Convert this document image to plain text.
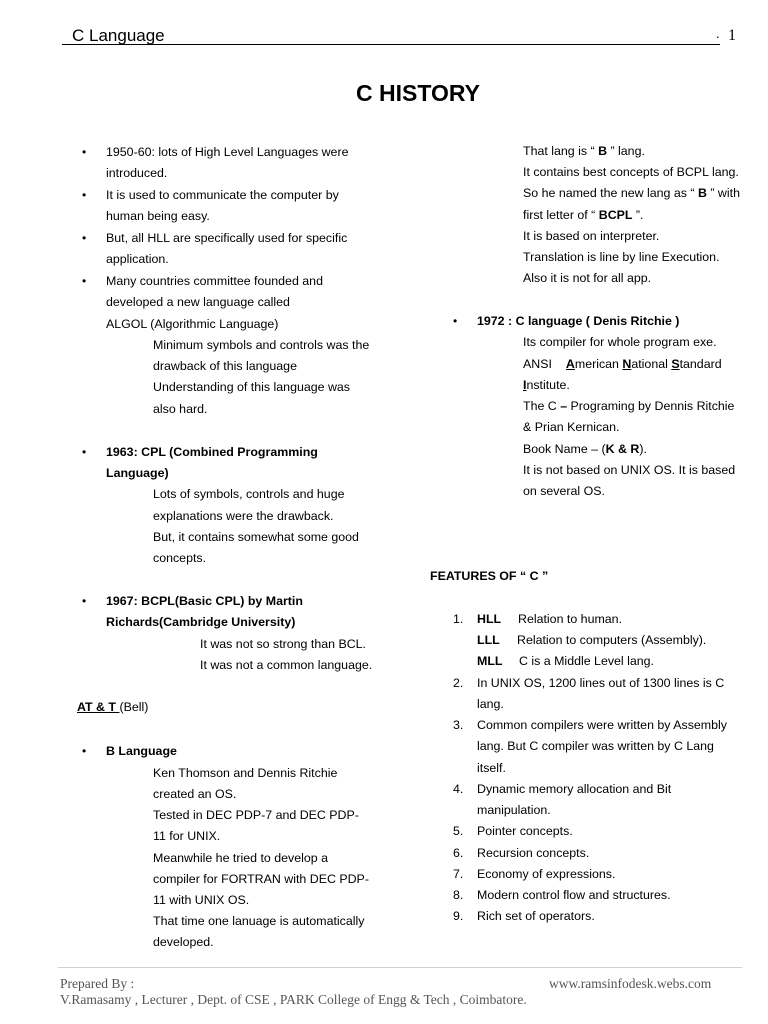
C Language	. 1
C HISTORY
• 1950-60: lots of High Level Languages were
introduced.
• It is used to communicate the computer by
human being easy.
• But, all HLL are specifically used for specific
application.
• Many countries committee founded and
developed a new language called
ALGOL (Algorithmic Language)
Minimum symbols and controls was the
drawback of this language
Understanding of this language was
also hard.
• 1963: CPL (Combined Programming
Language)
Lots of symbols, controls and huge
explanations were the drawback.
But, it contains somewhat some good
concepts.
• 1967: BCPL(Basic CPL) by Martin
Richards(Cambridge University)
It was not so strong than BCL.
It was not a common language.
AT & T (Bell)
• B Language
Ken Thomson and Dennis Ritchie
created an OS.
Tested in DEC PDP-7 and DEC PDP-
11 for UNIX.
Meanwhile he tried to develop a
compiler for FORTRAN with DEC PDP-
11 with UNIX OS.
That time one lanuage is automatically
developed.
That lang is “ B ” lang.
It contains best concepts of BCPL lang.
So he named the new lang as “ B ” with
first letter of “ BCPL ”.
It is based on interpreter.
Translation is line by line Execution.
Also it is not for all app.
• 1972 : C language ( Denis Ritchie )
Its compiler for whole program exe.
ANSI American National Standard
Institute.
The C – Programing by Dennis Ritchie
& Prian Kernican.
Book Name – (K & R).
It is not based on UNIX OS. It is based
on several OS.
FEATURES OF “ C ”
1. HLL Relation to human.
LLL Relation to computers (Assembly).
MLL C is a Middle Level lang.
2. In UNIX OS, 1200 lines out of 1300 lines is C
lang.
3. Common compilers were written by Assembly
lang. But C compiler was written by C Lang
itself.
4. Dynamic memory allocation and Bit
manipulation.
5. Pointer concepts.
6. Recursion concepts.
7. Economy of expressions.
8. Modern control flow and structures.
9. Rich set of operators.
Prepared By :	www.ramsinfodesk.webs.com
V.Ramasamy , Lecturer , Dept. of CSE , PARK College of Engg & Tech , Coimbatore.
